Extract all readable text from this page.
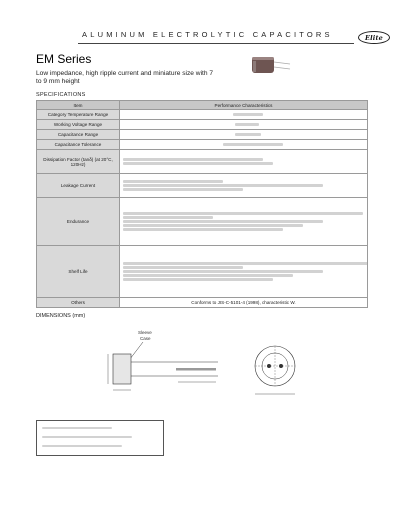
ALUMINUM ELECTROLYTIC CAPACITORS	Elite
EM Series
Low impedance, high ripple current and miniature size with 7 to 9 mm height
SPECIFICATIONS
Item	Performance Characteristics
Category Temperature Range	

Working Voltage Range	

Capacitance Range	

Capacitance Tolerance	

Dissipation Factor (tanδ) (at 20°C, 120Hz)	

Leakage Current	

Endurance	

Shelf Life	

Others	Conforms to JIS-C-5101-4 (1998), characteristic W.
DIMENSIONS (mm)
Sleeve
Case
